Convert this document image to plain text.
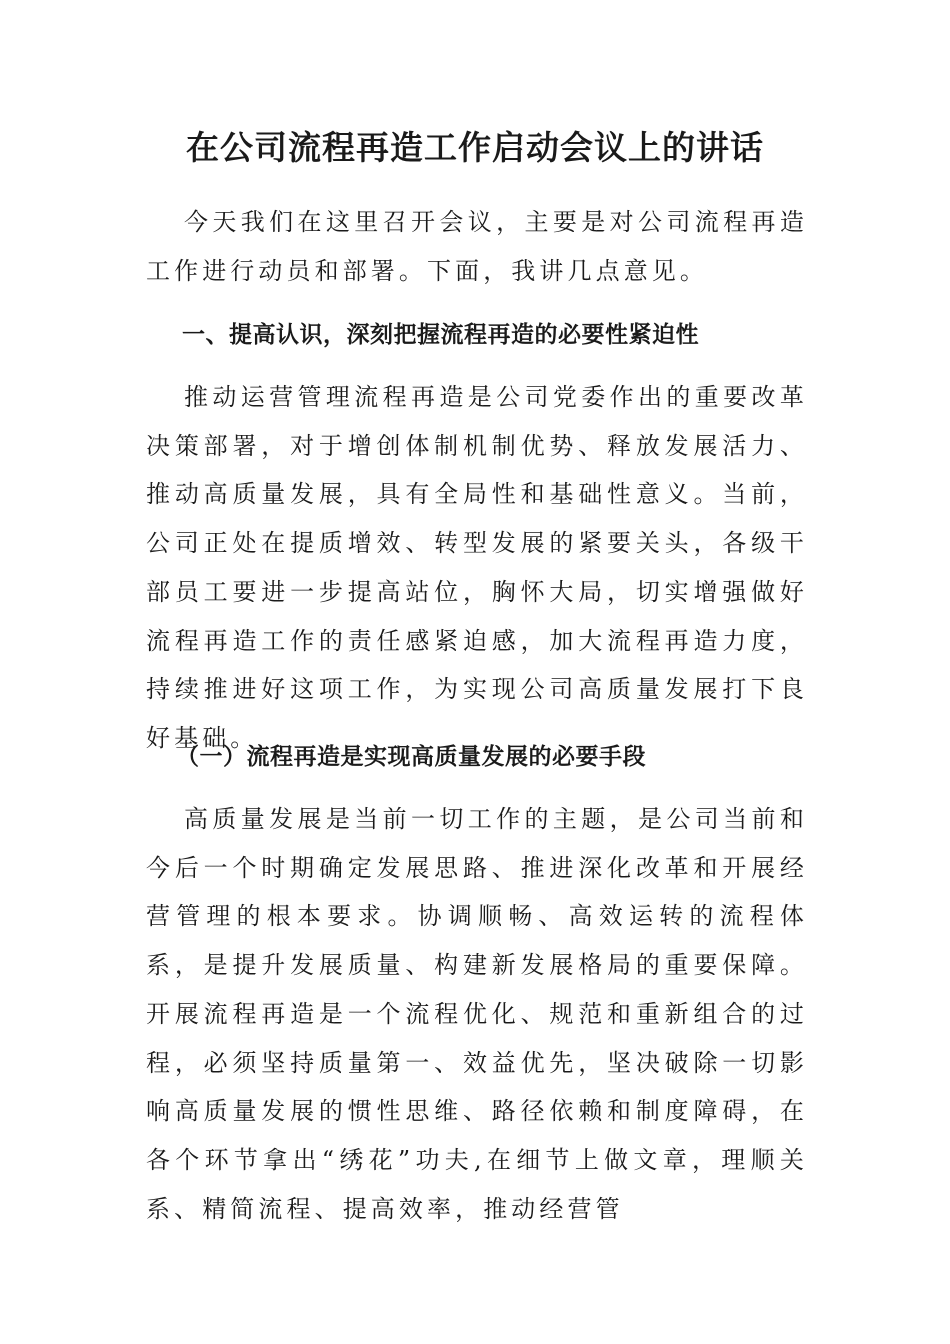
在公司流程再造工作启动会议上的讲话

今天我们在这里召开会议，主要是对公司流程再造工作进行动员和部署。下面，我讲几点意见。

一、提高认识，深刻把握流程再造的必要性紧迫性

推动运营管理流程再造是公司党委作出的重要改革决策部署，对于增创体制机制优势、释放发展活力、推动高质量发展，具有全局性和基础性意义。当前，公司正处在提质增效、转型发展的紧要关头，各级干部员工要进一步提高站位，胸怀大局，切实增强做好流程再造工作的责任感紧迫感，加大流程再造力度，持续推进好这项工作，为实现公司高质量发展打下良好基础。

（一）流程再造是实现高质量发展的必要手段

高质量发展是当前一切工作的主题，是公司当前和今后一个时期确定发展思路、推进深化改革和开展经营管理的根本要求。协调顺畅、高效运转的流程体系，是提升发展质量、构建新发展格局的重要保障。开展流程再造是一个流程优化、规范和重新组合的过程，必须坚持质量第一、效益优先，坚决破除一切影响高质量发展的惯性思维、路径依赖和制度障碍，在各个环节拿出“绣花”功夫,在细节上做文章，理顺关系、精简流程、提高效率，推动经营管
